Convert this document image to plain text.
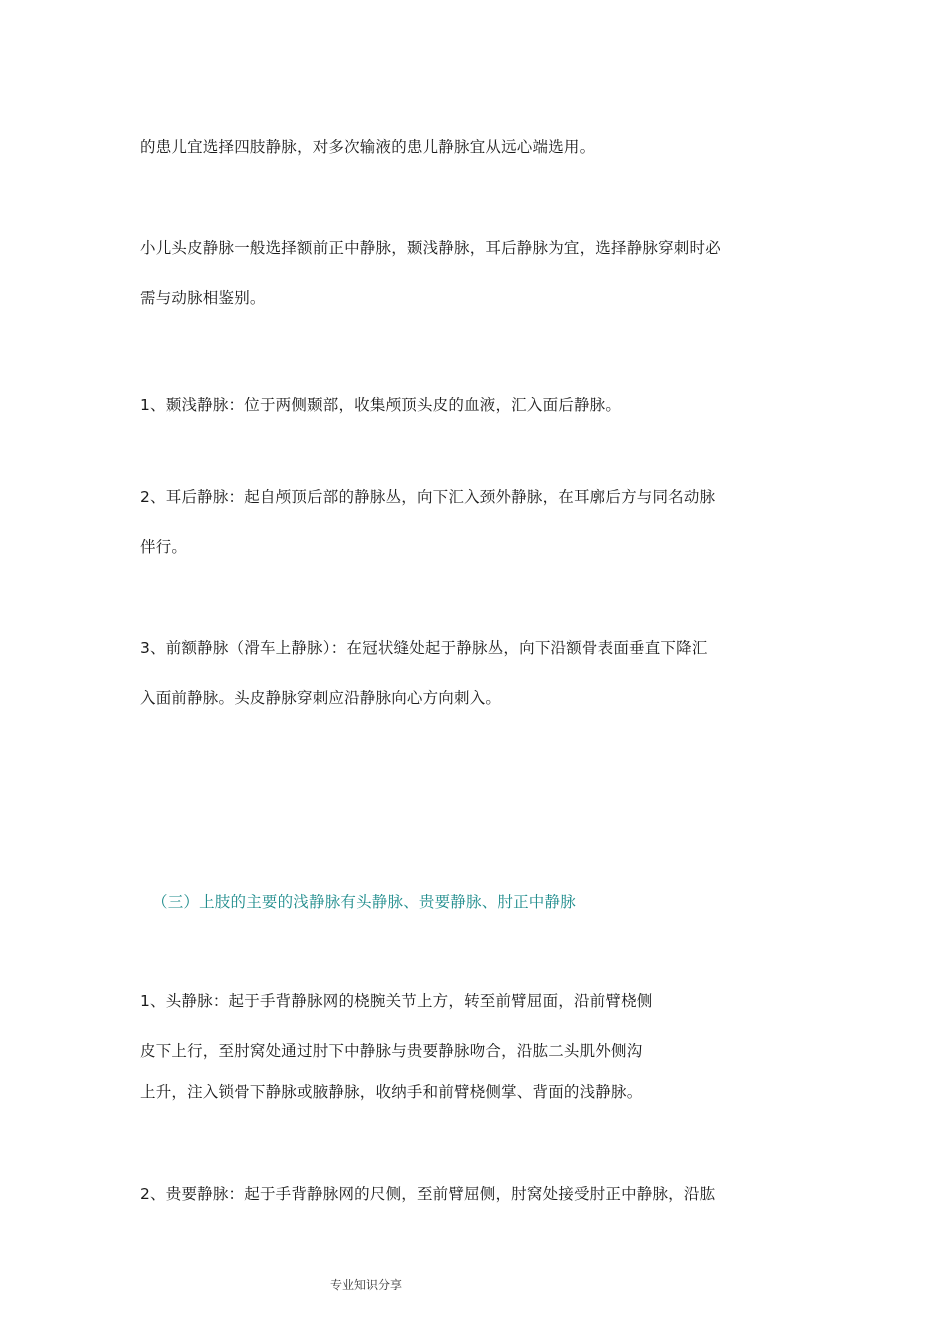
的患儿宜选择四肢静脉，对多次输液的患儿静脉宜从远心端选用。
小儿头皮静脉一般选择额前正中静脉，颞浅静脉，耳后静脉为宜，选择静脉穿刺时必
需与动脉相鉴别。
1、颞浅静脉：位于两侧颞部，收集颅顶头皮的血液，汇入面后静脉。
2、耳后静脉：起自颅顶后部的静脉丛，向下汇入颈外静脉，在耳廓后方与同名动脉
伴行。
3、前额静脉（滑车上静脉）：在冠状缝处起于静脉丛，向下沿额骨表面垂直下降汇
入面前静脉。头皮静脉穿刺应沿静脉向心方向刺入。
（三）上肢的主要的浅静脉有头静脉、贵要静脉、肘正中静脉
1、头静脉：起于手背静脉网的桡腕关节上方，转至前臂屈面，沿前臂桡侧
皮下上行，至肘窝处通过肘下中静脉与贵要静脉吻合，沿肱二头肌外侧沟
上升，注入锁骨下静脉或腋静脉，收纳手和前臂桡侧掌、背面的浅静脉。
2、贵要静脉：起于手背静脉网的尺侧，至前臂屈侧，肘窝处接受肘正中静脉，沿肱
专业知识分享
